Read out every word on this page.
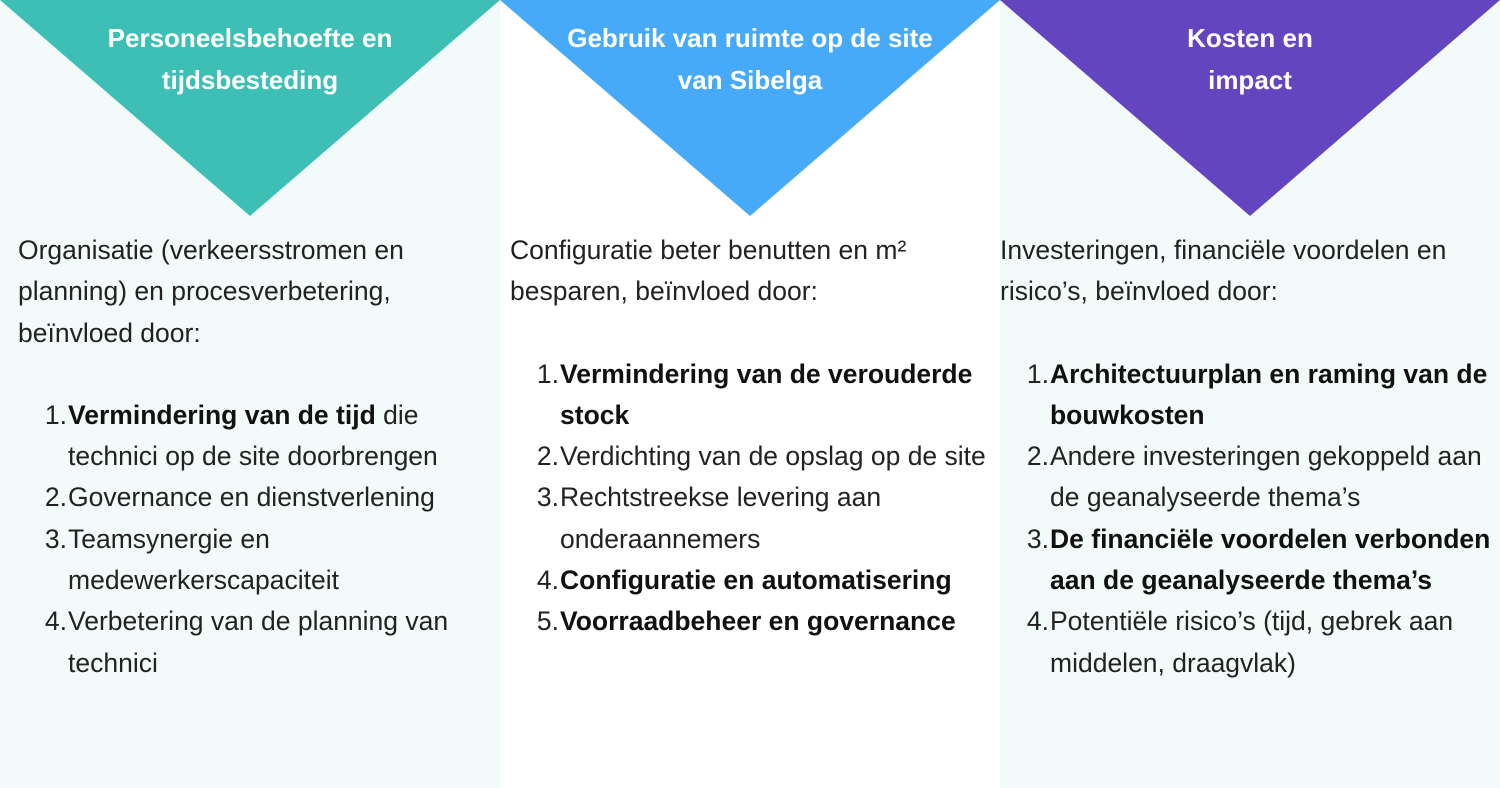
Personeelsbehoefte en
tijdsbesteding

Organisatie (verkeersstromen en planning) en procesverbetering, beïnvloed door:

1. Vermindering van de tijd die technici op de site doorbrengen
2. Governance en dienstverlening
3. Teamsynergie en medewerkerscapaciteit
4. Verbetering van de planning van technici
Gebruik van ruimte op de site
van Sibelga

Configuratie beter benutten en m² besparen, beïnvloed door:

1. Vermindering van de verouderde stock
2. Verdichting van de opslag op de site
3. Rechtstreekse levering aan onderaannemers
4. Configuratie en automatisering
5. Voorraadbeheer en governance
Kosten en
impact

Investeringen, financiële voordelen en risico’s, beïnvloed door:

1. Architectuurplan en raming van de bouwkosten
2. Andere investeringen gekoppeld aan de geanalyseerde thema’s
3. De financiële voordelen verbonden aan de geanalyseerde thema’s
4. Potentiële risico’s (tijd, gebrek aan middelen, draagvlak)
